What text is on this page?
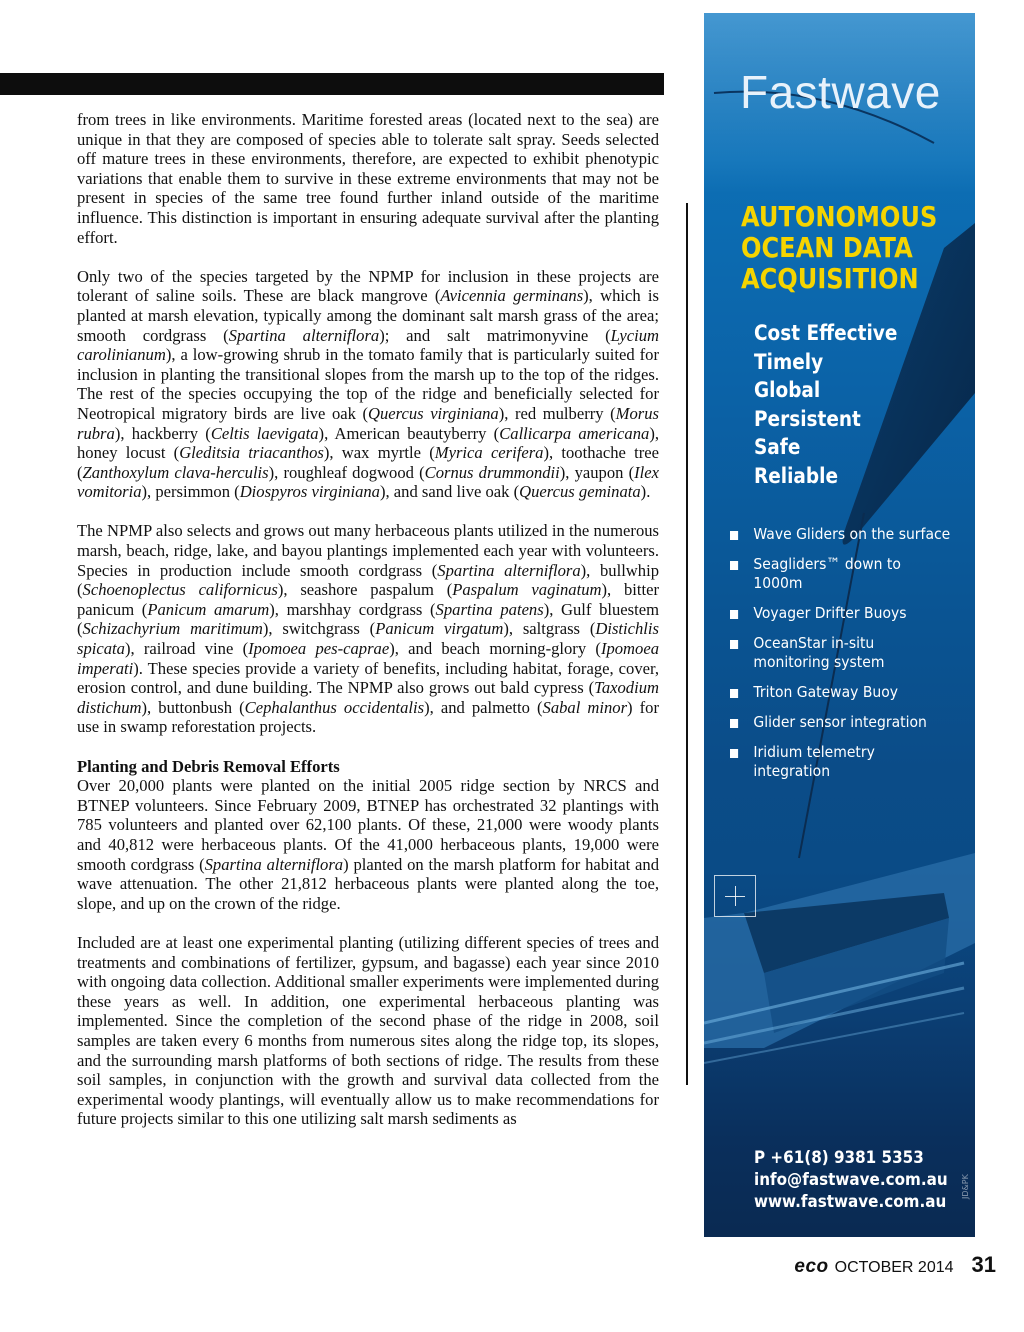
from trees in like environments. Maritime forested areas (located next to the sea) are unique in that they are composed of species able to tolerate salt spray. Seeds selected off mature trees in these environments, therefore, are expected to exhibit phenotypic variations that enable them to survive in these extreme environments that may not be present in species of the same tree found further inland outside of the maritime influence. This distinction is important in ensuring adequate survival after the planting effort.

Only two of the species targeted by the NPMP for inclusion in these projects are tolerant of saline soils. These are black mangrove (Avicennia germinans), which is planted at marsh elevation, typically among the dominant salt marsh grass of the area; smooth cordgrass (Spartina alterniflora); and salt matrimonyvine (Lycium carolinianum), a low-growing shrub in the tomato family that is particularly suited for inclusion in planting the transitional slopes from the marsh up to the top of the ridges. The rest of the species occupying the top of the ridge and beneficially selected for Neotropical migratory birds are live oak (Quercus virginiana), red mulberry (Morus rubra), hackberry (Celtis laevigata), American beautyberry (Callicarpa americana), honey locust (Gleditsia triacanthos), wax myrtle (Myrica cerifera), toothache tree (Zanthoxylum clava-herculis), roughleaf dogwood (Cornus drummondii), yaupon (Ilex vomitoria), persimmon (Diospyros virginiana), and sand live oak (Quercus geminata).

The NPMP also selects and grows out many herbaceous plants utilized in the numerous marsh, beach, ridge, lake, and bayou plantings implemented each year with volunteers. Species in production include smooth cordgrass (Spartina alterniflora), bullwhip (Schoenoplectus californicus), seashore paspalum (Paspalum vaginatum), bitter panicum (Panicum amarum), marshhay cordgrass (Spartina patens), Gulf bluestem (Schizachyrium maritimum), switchgrass (Panicum virgatum), saltgrass (Distichlis spicata), railroad vine (Ipomoea pes-caprae), and beach morning-glory (Ipomoea imperati). These species provide a variety of benefits, including habitat, forage, cover, erosion control, and dune building. The NPMP also grows out bald cypress (Taxodium distichum), buttonbush (Cephalanthus occidentalis), and palmetto (Sabal minor) for use in swamp reforestation projects.

Planting and Debris Removal Efforts

Over 20,000 plants were planted on the initial 2005 ridge section by NRCS and BTNEP volunteers. Since February 2009, BTNEP has orchestrated 32 plantings with 785 volunteers and planted over 62,100 plants. Of these, 21,000 were woody plants and 40,812 were herbaceous plants. Of the 41,000 herbaceous plants, 19,000 were smooth cordgrass (Spartina alterniflora) planted on the marsh platform for habitat and wave attenuation. The other 21,812 herbaceous plants were planted along the toe, slope, and up on the crown of the ridge.

Included are at least one experimental planting (utilizing different species of trees and treatments and combinations of fertilizer, gypsum, and bagasse) each year since 2010 with ongoing data collection. Additional smaller experiments were implemented during these years as well. In addition, one experimental herbaceous planting was implemented. Since the completion of the second phase of the ridge in 2008, soil samples are taken every 6 months from numerous sites along the ridge top, its slopes, and the surrounding marsh platforms of both sections of ridge. The results from these soil samples, in conjunction with the growth and survival data collected from the experimental woody plantings, will eventually allow us to make recommendations for future projects similar to this one utilizing salt marsh sediments as

Fastwave
AUTONOMOUS
OCEAN DATA
ACQUISITION
Cost Effective
Timely
Global
Persistent
Safe
Reliable
Wave Gliders on the surface
Seagliders™ down to 1000m
Voyager Drifter Buoys
OceanStar in-situ monitoring system
Triton Gateway Buoy
Glider sensor integration
Iridium telemetry integration
P +61(8) 9381 5353
info@fastwave.com.au
www.fastwave.com.au
JD&PK
eco OCTOBER 2014 31
